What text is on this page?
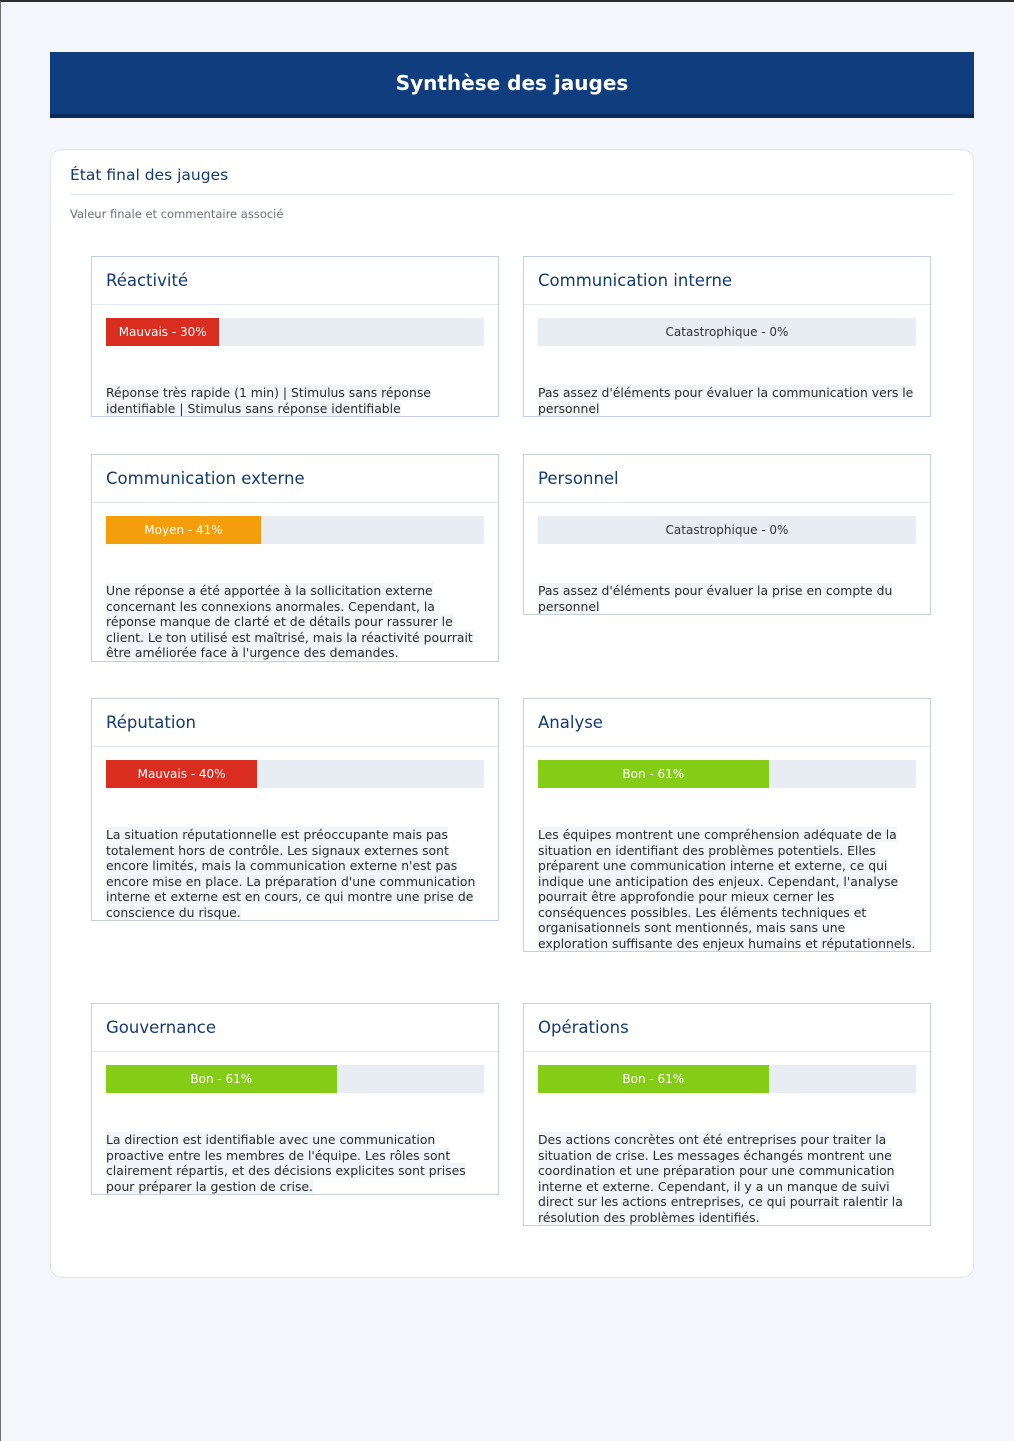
Synthèse des jauges
État final des jauges
Valeur finale et commentaire associé
Réactivité
Mauvais - 30%
Réponse très rapide (1 min) | Stimulus sans réponse identifiable | Stimulus sans réponse identifiable
Communication interne
Catastrophique - 0%
Pas assez d'éléments pour évaluer la communication vers le personnel
Communication externe
Moyen - 41%
Une réponse a été apportée à la sollicitation externe concernant les connexions anormales. Cependant, la réponse manque de clarté et de détails pour rassurer le client. Le ton utilisé est maîtrisé, mais la réactivité pourrait être améliorée face à l'urgence des demandes.
Personnel
Catastrophique - 0%
Pas assez d'éléments pour évaluer la prise en compte du personnel
Réputation
Mauvais - 40%
La situation réputationnelle est préoccupante mais pas totalement hors de contrôle. Les signaux externes sont encore limités, mais la communication externe n'est pas encore mise en place. La préparation d'une communication interne et externe est en cours, ce qui montre une prise de conscience du risque.
Analyse
Bon - 61%
Les équipes montrent une compréhension adéquate de la situation en identifiant des problèmes potentiels. Elles préparent une communication interne et externe, ce qui indique une anticipation des enjeux. Cependant, l'analyse pourrait être approfondie pour mieux cerner les conséquences possibles. Les éléments techniques et organisationnels sont mentionnés, mais sans une exploration suffisante des enjeux humains et réputationnels.
Gouvernance
Bon - 61%
La direction est identifiable avec une communication proactive entre les membres de l'équipe. Les rôles sont clairement répartis, et des décisions explicites sont prises pour préparer la gestion de crise.
Opérations
Bon - 61%
Des actions concrètes ont été entreprises pour traiter la situation de crise. Les messages échangés montrent une coordination et une préparation pour une communication interne et externe. Cependant, il y a un manque de suivi direct sur les actions entreprises, ce qui pourrait ralentir la résolution des problèmes identifiés.
